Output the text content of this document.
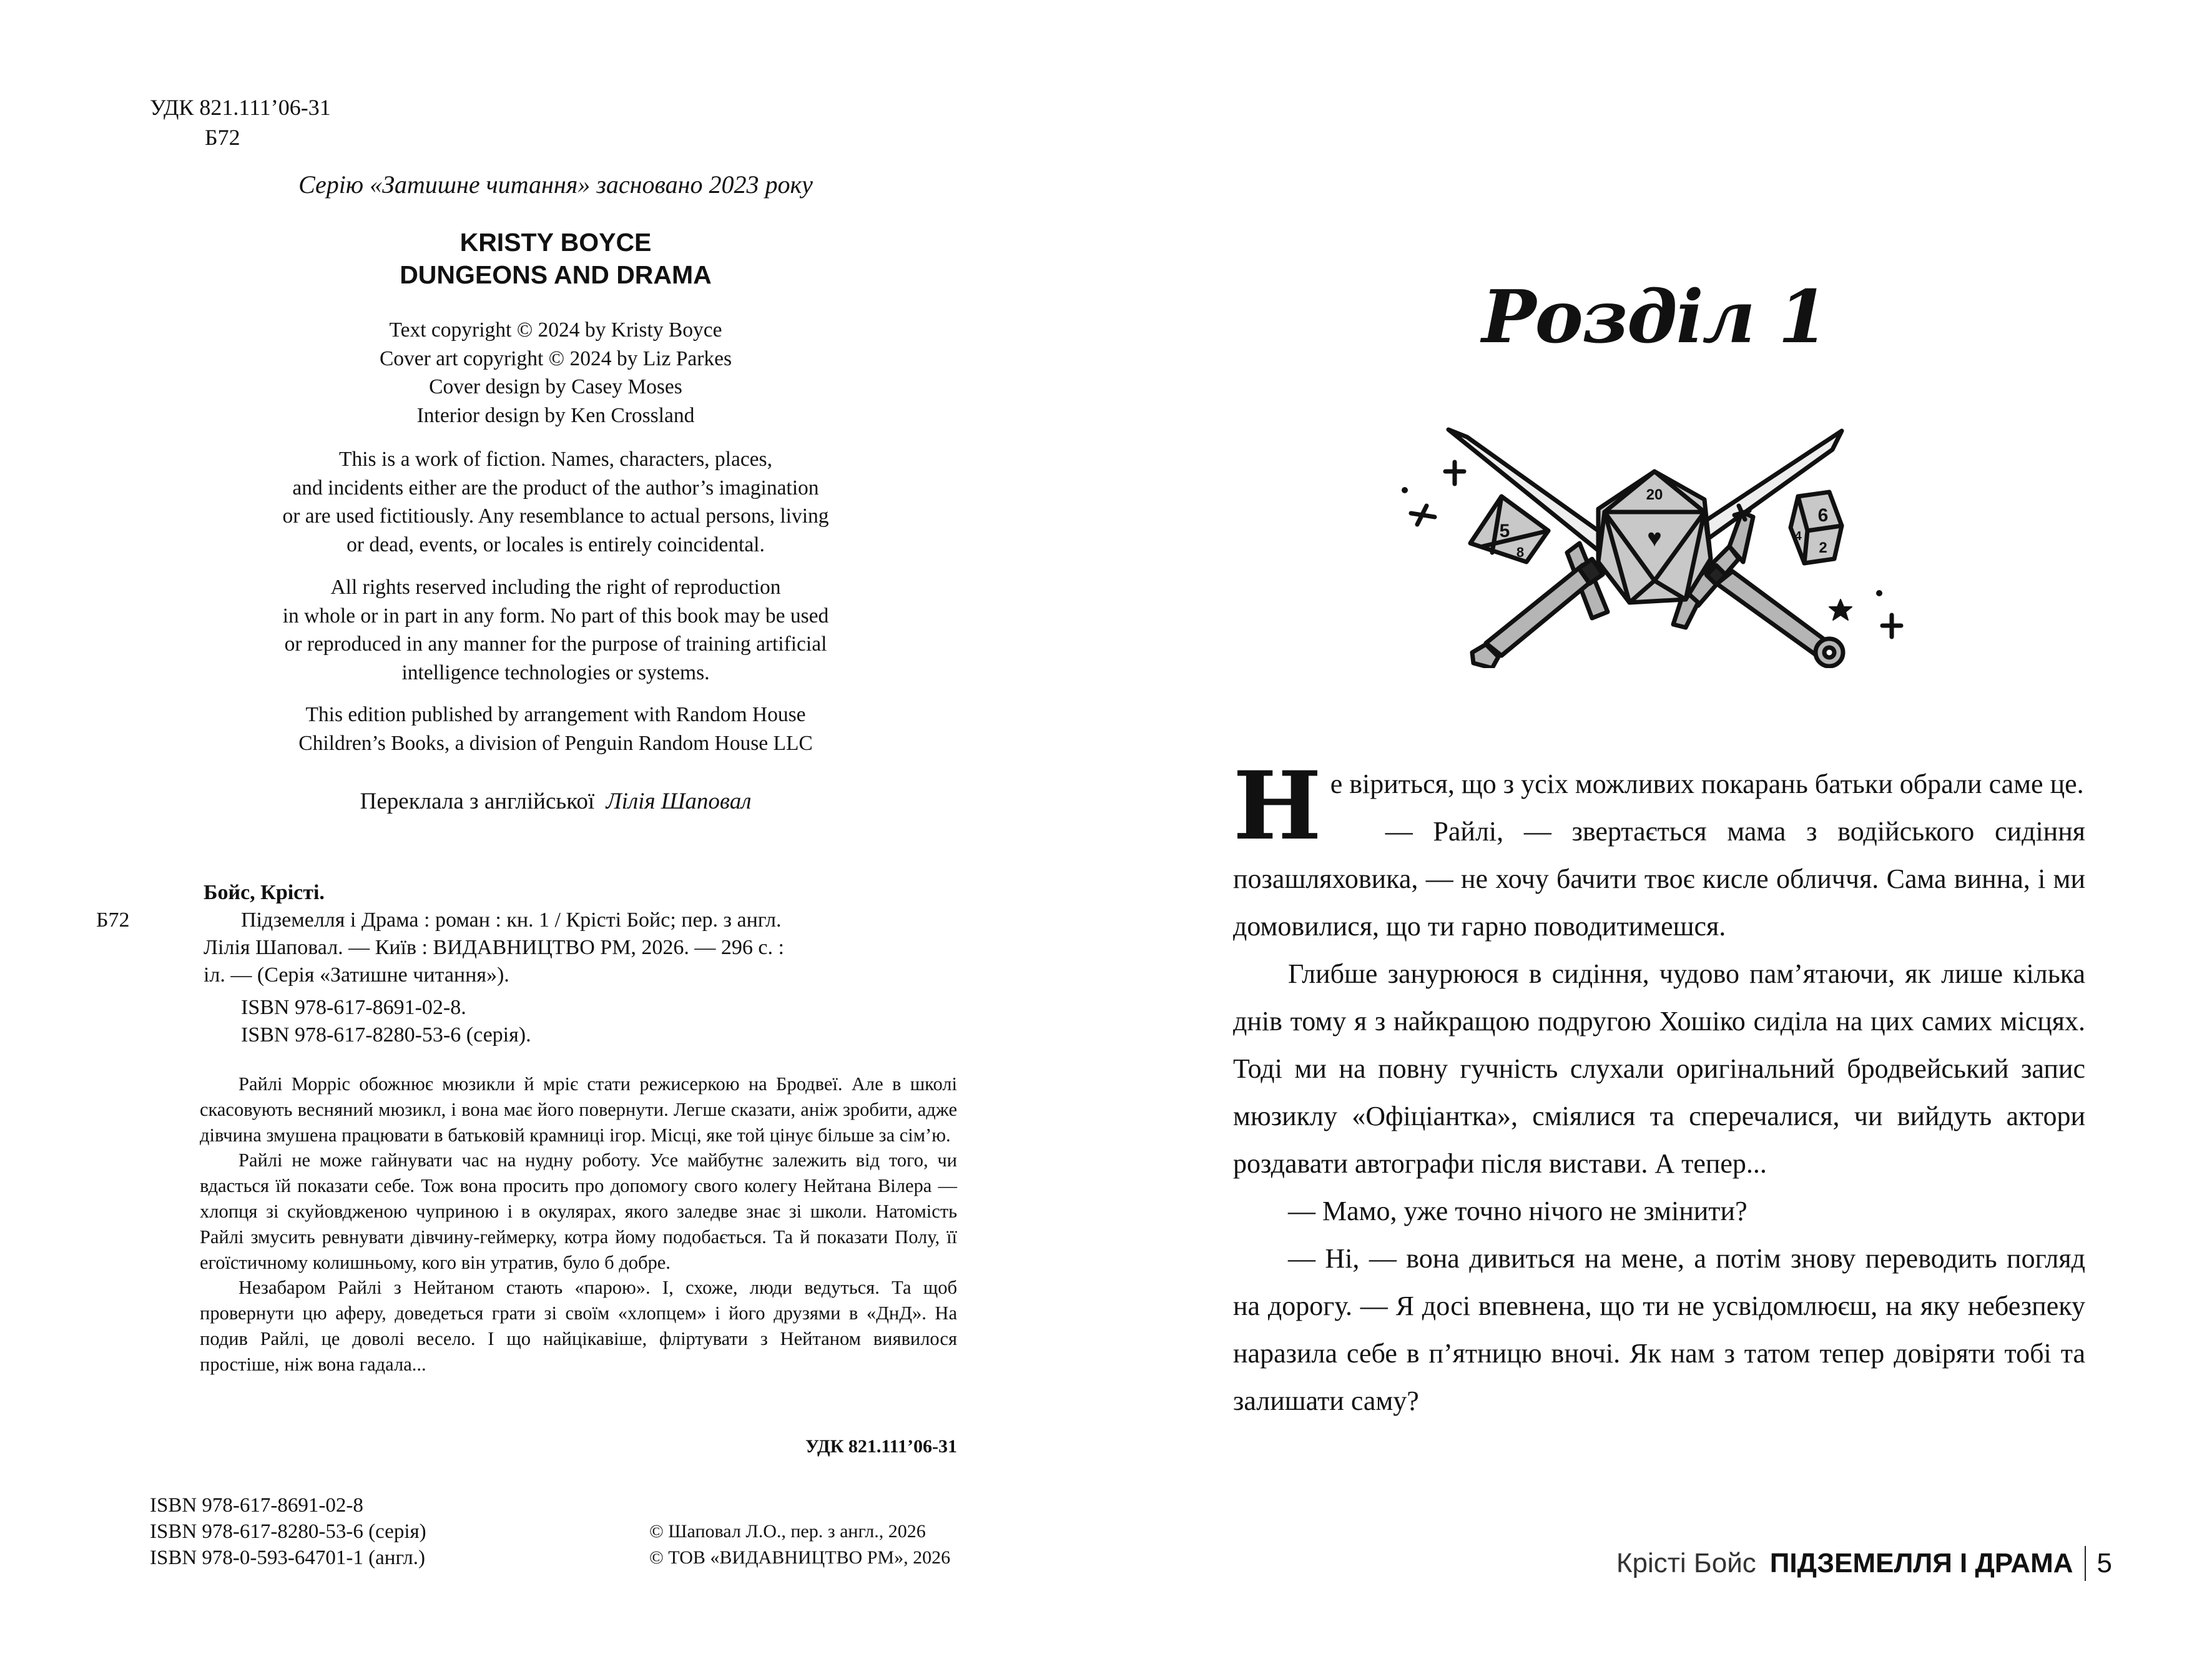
УДК 821.111’06-31
Б72
Серію «Затишне читання» засновано 2023 року
KRISTY BOYCE
DUNGEONS AND DRAMA
Text copyright © 2024 by Kristy Boyce
Cover art copyright © 2024 by Liz Parkes
Cover design by Casey Moses
Interior design by Ken Crossland
This is a work of fiction. Names, characters, places,
and incidents either are the product of the author’s imagination
or are used fictitiously. Any resemblance to actual persons, living
or dead, events, or locales is entirely coincidental.
All rights reserved including the right of reproduction
in whole or in part in any form. No part of this book may be used
or reproduced in any manner for the purpose of training artificial
intelligence technologies or systems.
This edition published by arrangement with Random House
Children’s Books, a division of Penguin Random House LLC
Переклала з англійської Лілія Шаповал
Бойс, Крісті.
Б72	Підземелля і Драма : роман : кн. 1 / Крісті Бойс; пер. з англ.
Лілія Шаповал. — Київ : ВИДАВНИЦТВО РМ, 2026. — 296 с. :
іл. — (Серія «Затишне читання»).
ISBN 978-617-8691-02-8.
ISBN 978-617-8280-53-6 (серія).

Райлі Морріс обожнює мюзикли й мріє стати режисеркою на Бродвеї. Але в школі скасовують весняний мюзикл, і вона має його повернути. Легше сказати, аніж зробити, адже дівчина змушена працювати в батьковій крамниці ігор. Місці, яке той цінує більше за сім’ю.

Райлі не може гайнувати час на нудну роботу. Усе майбутнє залежить від того, чи вдасться їй показати себе. Тож вона просить про допомогу свого колегу Нейтана Вілера — хлопця зі скуйовдженою чуприною і в окулярах, якого заледве знає зі школи. Натомість Райлі змусить ревнувати дівчину-геймерку, котра йому подобається. Та й показати Полу, її егоїстичному колишньому, кого він утратив, було б добре.

Незабаром Райлі з Нейтаном стають «парою». І, схоже, люди ведуться. Та щоб провернути цю аферу, доведеться грати зі своїм «хлопцем» і його друзями в «ДнД». На подив Райлі, це доволі весело. І що найцікавіше, фліртувати з Нейтаном виявилося простіше, ніж вона гадала...

УДК 821.111’06-31
ISBN 978-617-8691-02-8
ISBN 978-617-8280-53-6 (серія)
ISBN 978-0-593-64701-1 (англ.)
© Шаповал Л.О., пер. з англ., 2026
© ТОВ «ВИДАВНИЦТВО РМ», 2026
Розділ 1
20
♥
5
8
6
2
4

Не віриться, що з усіх можливих покарань батьки обрали саме це.

— Райлі, — звертається мама з водійського сидіння позашляховика, — не хочу бачити твоє кисле обличчя. Сама винна, і ми домовилися, що ти гарно поводитимешся.

Глибше занурююся в сидіння, чудово пам’ятаючи, як лише кілька днів тому я з найкращою подругою Хошіко сиділа на цих самих місцях. Тоді ми на повну гучність слухали оригінальний бродвейський запис мюзиклу «Офіціантка», сміялися та сперечалися, чи вийдуть актори роздавати автографи після вистави. А тепер...

— Мамо, уже точно нічого не змінити?

— Ні, — вона дивиться на мене, а потім знову переводить погляд на дорогу. — Я досі впевнена, що ти не усвідомлюєш, на яку небезпеку наразила себе в п’ятницю вночі. Як нам з татом тепер довіряти тобі та залишати саму?

Крісті Бойс ПІДЗЕМЕЛЛЯ І ДРАМА 5
